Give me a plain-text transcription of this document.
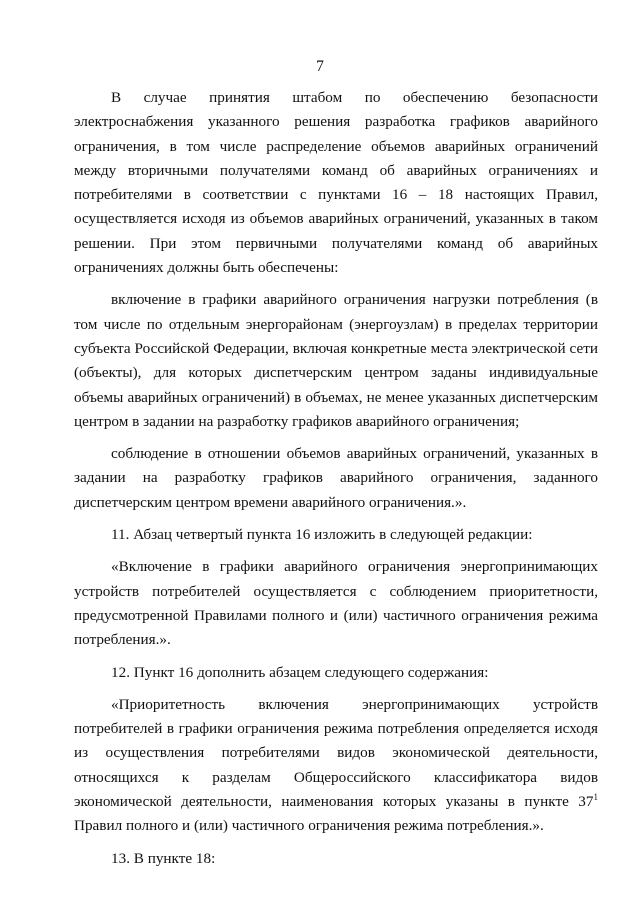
7

В случае принятия штабом по обеспечению безопасности электроснабжения указанного решения разработка графиков аварийного ограничения, в том числе распределение объемов аварийных ограничений между вторичными получателями команд об аварийных ограничениях и потребителями в соответствии с пунктами 16 – 18 настоящих Правил, осуществляется исходя из объемов аварийных ограничений, указанных в таком решении. При этом первичными получателями команд об аварийных ограничениях должны быть обеспечены:

включение в графики аварийного ограничения нагрузки потребления (в том числе по отдельным энергорайонам (энергоузлам) в пределах территории субъекта Российской Федерации, включая конкретные места электрической сети (объекты), для которых диспетчерским центром заданы индивидуальные объемы аварийных ограничений) в объемах, не менее указанных диспетчерским центром в задании на разработку графиков аварийного ограничения;

соблюдение в отношении объемов аварийных ограничений, указанных в задании на разработку графиков аварийного ограничения, заданного диспетчерским центром времени аварийного ограничения.».

11. Абзац четвертый пункта 16 изложить в следующей редакции:

«Включение в графики аварийного ограничения энергопринимающих устройств потребителей осуществляется с соблюдением приоритетности, предусмотренной Правилами полного и (или) частичного ограничения режима потребления.».

12. Пункт 16 дополнить абзацем следующего содержания:

«Приоритетность включения энергопринимающих устройств потребителей в графики ограничения режима потребления определяется исходя из осуществления потребителями видов экономической деятельности, относящихся к разделам Общероссийского классификатора видов экономической деятельности, наименования которых указаны в пункте $37^1$ Правил полного и (или) частичного ограничения режима потребления.».

13. В пункте 18:
